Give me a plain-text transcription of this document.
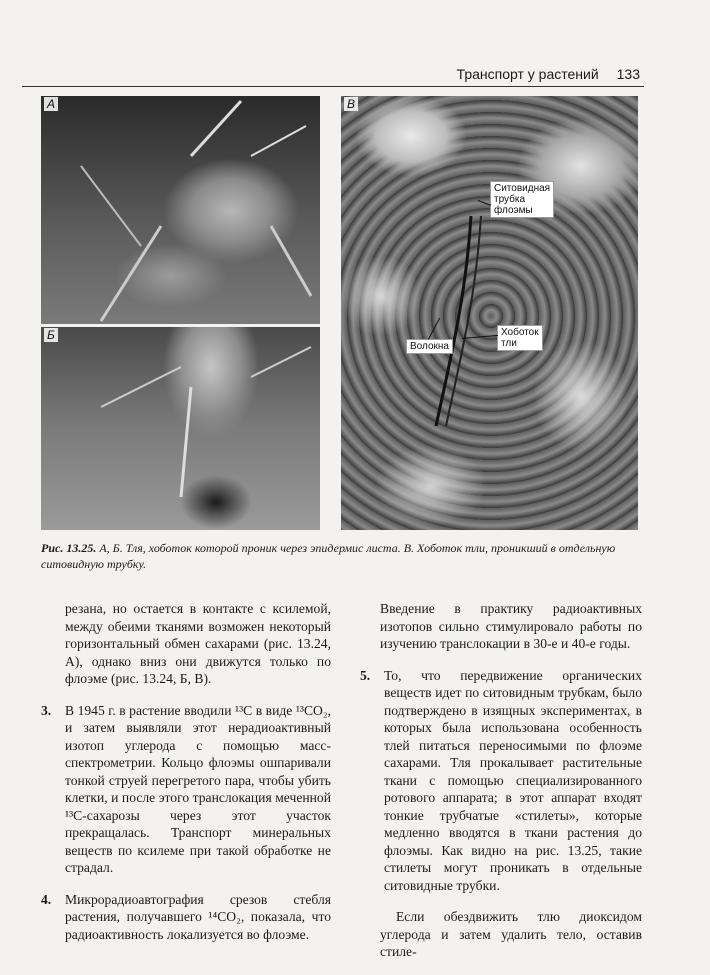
Транспорт у растений 133
А
Б
В
Ситовидная
трубка
флоэмы
Волокна
Хоботок
тли
Рис. 13.25. А, Б. Тля, хоботок которой проник через эпидермис листа. В. Хоботок тли, проникший в отдельную ситовидную трубку.

резана, но остается в контакте с ксилемой, между обеими тканями возможен некоторый горизонтальный обмен сахарами (рис. 13.24, А), однако вниз они движутся только по флоэме (рис. 13.24, Б, В).

3.	В 1945 г. в растение вводили ¹³С в виде ¹³СО₂, и затем выявляли этот нерадиоактивный изотоп углерода с помощью масс-спектрометрии. Кольцо флоэмы ошпаривали тонкой струей перегретого пара, чтобы убить клетки, и после этого транслокация меченной ¹³С-сахарозы через этот участок прекращалась. Транспорт минеральных веществ по ксилеме при такой обработке не страдал.
4.	Микрорадиоавтография срезов стебля растения, получавшего ¹⁴СО₂, показала, что радиоактивность локализуется во флоэме.

Введение в практику радиоактивных изотопов сильно стимулировало работы по изучению транслокации в 30-е и 40-е годы.

5.	То, что передвижение органических веществ идет по ситовидным трубкам, было подтверждено в изящных экспериментах, в которых была использована особенность тлей питаться переносимыми по флоэме сахарами. Тля прокалывает растительные ткани с помощью специализированного ротового аппарата; в этот аппарат входят тонкие трубчатые «стилеты», которые медленно вводятся в ткани растения до флоэмы. Как видно на рис. 13.25, такие стилеты могут проникать в отдельные ситовидные трубки.

Если обездвижить тлю диоксидом углерода и затем удалить тело, оставив стиле-
